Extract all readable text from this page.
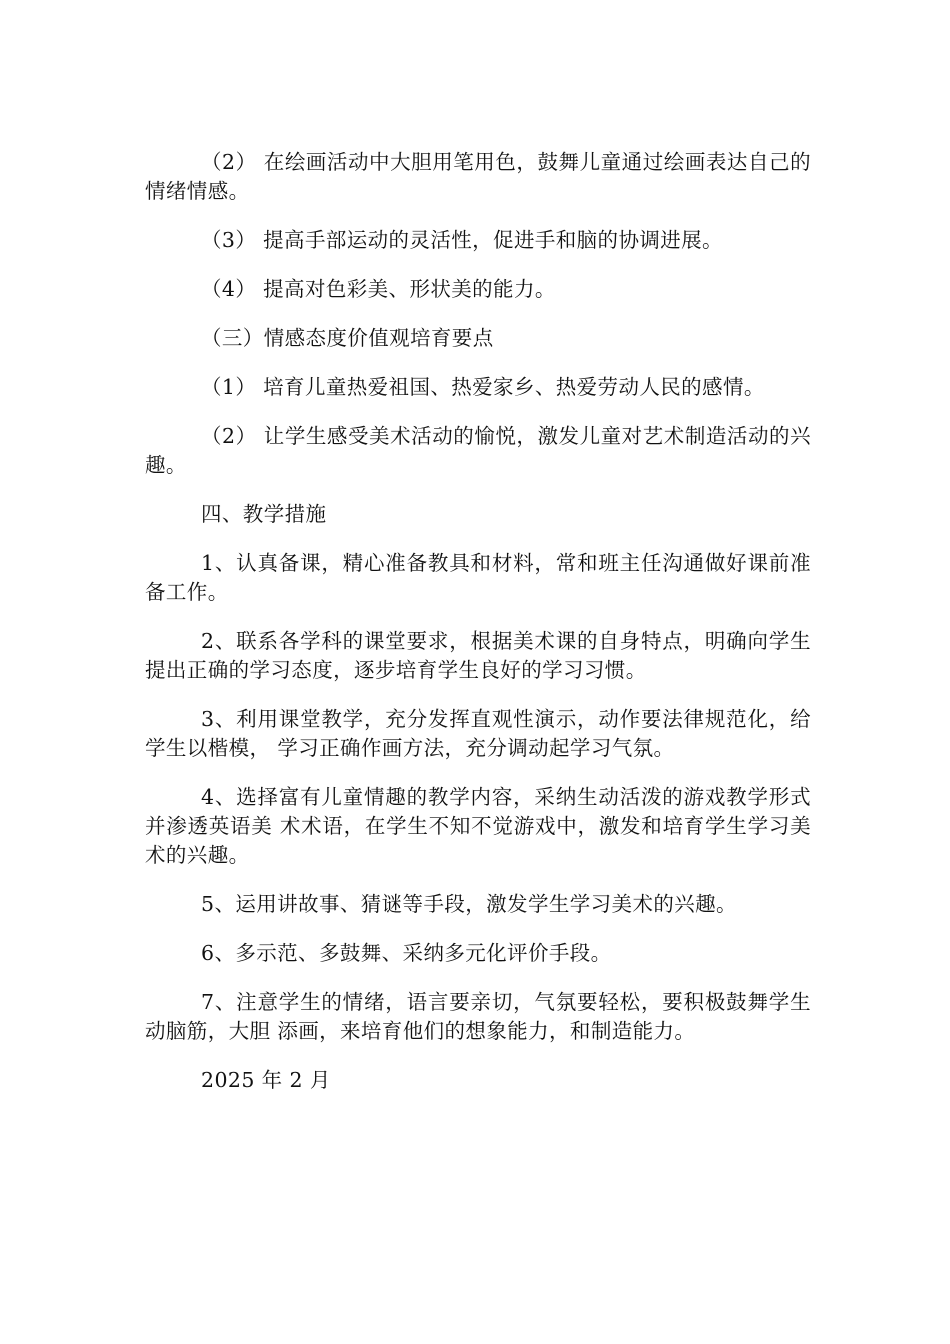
（2） 在绘画活动中大胆用笔用色，鼓舞儿童通过绘画表达自己的情绪情感。

（3） 提高手部运动的灵活性，促进手和脑的协调进展。

（4） 提高对色彩美、形状美的能力。

（三）情感态度价值观培育要点

（1） 培育儿童热爱祖国、热爱家乡、热爱劳动人民的感情。

（2） 让学生感受美术活动的愉悦，激发儿童对艺术制造活动的兴趣。

四、教学措施

1、认真备课，精心准备教具和材料，常和班主任沟通做好课前准备工作。

2、联系各学科的课堂要求，根据美术课的自身特点，明确向学生提出正确的学习态度，逐步培育学生良好的学习习惯。

3、利用课堂教学，充分发挥直观性演示，动作要法律规范化，给学生以楷模， 学习正确作画方法，充分调动起学习气氛。

4、选择富有儿童情趣的教学内容，采纳生动活泼的游戏教学形式并渗透英语美 术术语，在学生不知不觉游戏中，激发和培育学生学习美术的兴趣。

5、运用讲故事、猜谜等手段，激发学生学习美术的兴趣。

6、多示范、多鼓舞、采纳多元化评价手段。

7、注意学生的情绪，语言要亲切，气氛要轻松，要积极鼓舞学生动脑筋，大胆 添画，来培育他们的想象能力，和制造能力。

2025 年 2 月
